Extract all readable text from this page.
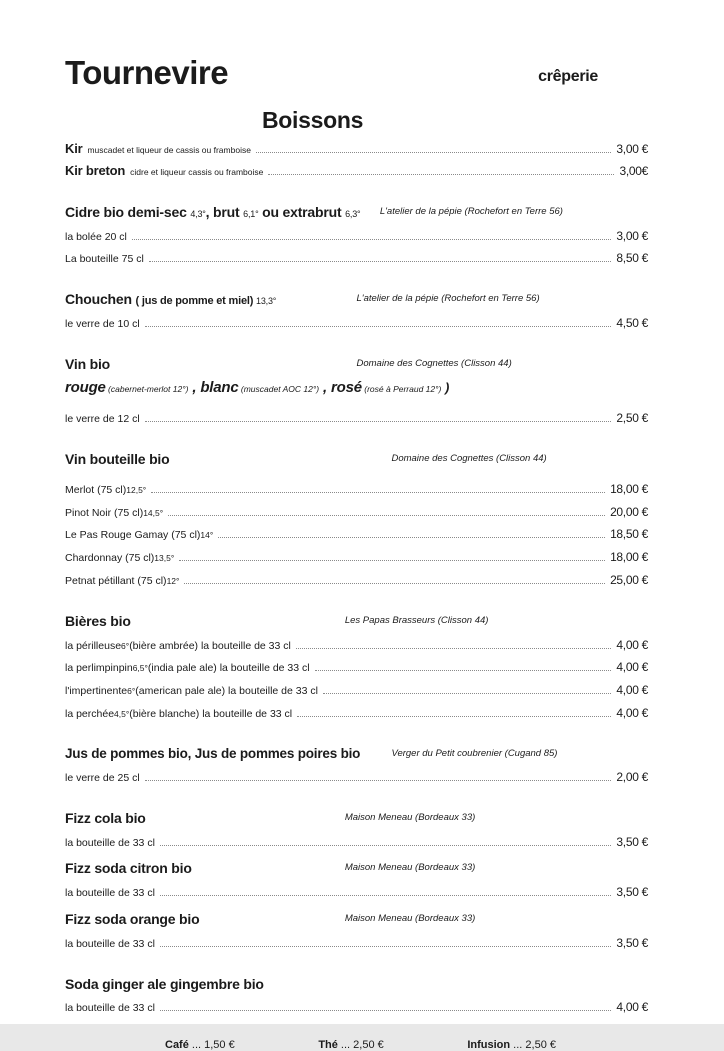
Tournevire	crêperie
Boissons
Kir muscadet et liqueur de cassis ou framboise	3,00 €
Kir breton cidre et liqueur cassis ou framboise	3,00€
Cidre bio demi-sec 4,3°, brut 6,1° ou extrabrut 6,3° L'atelier de la pépie (Rochefort en Terre 56)
la bolée 20 cl	3,00 €
La bouteille 75 cl	8,50 €
Chouchen ( jus de pomme et miel) 13,3°	L'atelier de la pépie (Rochefort en Terre 56)
le verre de 10 cl	4,50 €
Vin bio	Domaine des Cognettes (Clisson 44)
rouge (cabernet-merlot 12°) , blanc (muscadet AOC 12°) , rosé (rosé à Perraud 12°) )
le verre de 12 cl	2,50 €
Vin bouteille bio	Domaine des Cognettes (Clisson 44)
Merlot (75 cl) 12,5°	18,00 €
Pinot Noir (75 cl) 14,5°	20,00 €
Le Pas Rouge Gamay (75 cl) 14°	18,50 €
Chardonnay (75 cl) 13,5°	18,00 €
Petnat pétillant (75 cl) 12°	25,00 €
Bières bio	Les Papas Brasseurs (Clisson 44)
la périlleuse 6° (bière ambrée) la bouteille de 33 cl	4,00 €
la perlimpinpin 6,5° (india pale ale) la bouteille de 33 cl	4,00 €
l'impertinente 6° (american pale ale) la bouteille de 33 cl	4,00 €
la perchée 4,5° (bière blanche) la bouteille de 33 cl	4,00 €
Jus de pommes bio, Jus de pommes poires bio	Verger du Petit coubrenier (Cugand 85)
le verre de 25 cl	2,00 €
Fizz cola bio	Maison Meneau (Bordeaux 33)
la bouteille de 33 cl	3,50 €
Fizz soda citron bio	Maison Meneau (Bordeaux 33)
la bouteille de 33 cl	3,50 €
Fizz soda orange bio	Maison Meneau (Bordeaux 33)
la bouteille de 33 cl	3,50 €
Soda ginger ale gingembre bio
la bouteille de 33 cl	4,00 €
Café ... 1,50 €	Thé ... 2,50 €	Infusion ... 2,50 €
